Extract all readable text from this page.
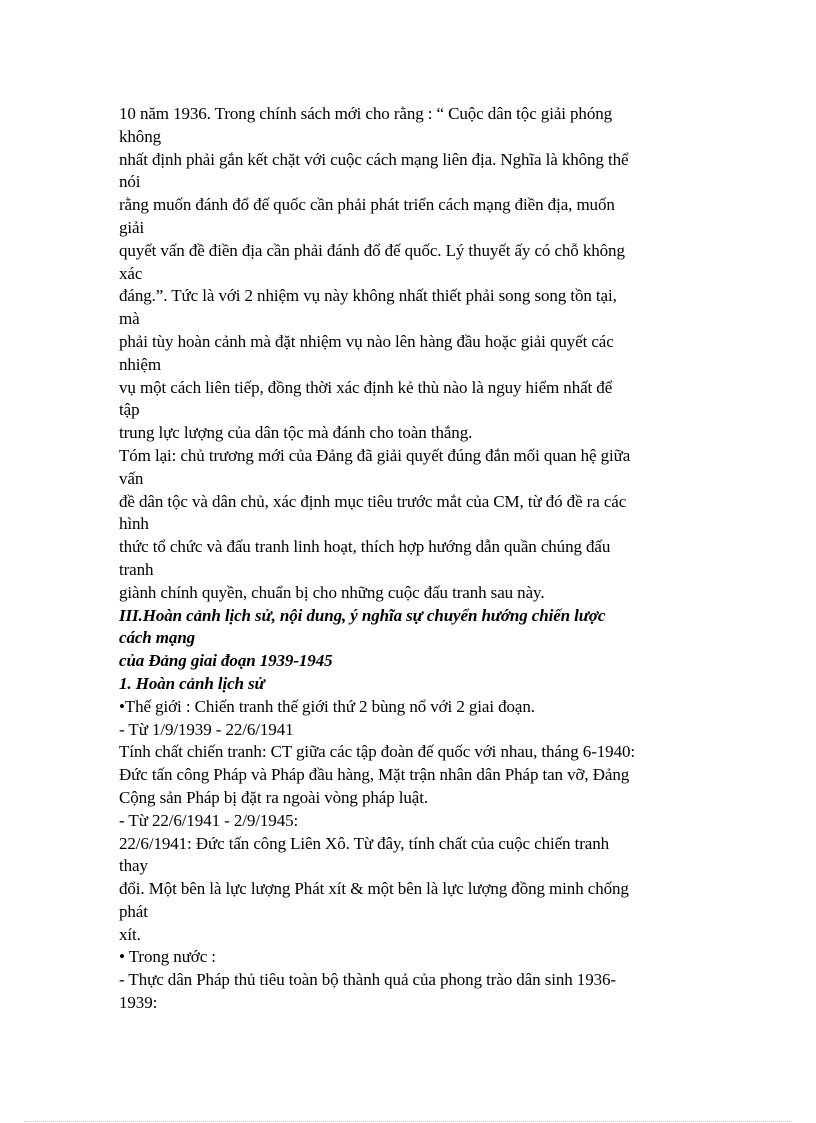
10 năm 1936. Trong chính sách mới cho rằng : “ Cuộc dân tộc giải phóng
không
nhất định phải gắn kết chặt với cuộc cách mạng liên địa. Nghĩa là không thể
nói
rằng muốn đánh đổ đế quốc cần phải phát triển cách mạng điền địa, muốn
giải
quyết vấn đề điền địa cần phải đánh đổ đế quốc. Lý thuyết ấy có chỗ không
xác
đáng.”. Tức là với 2 nhiệm vụ này không nhất thiết phải song song tồn tại,
mà
phải tùy hoàn cảnh mà đặt nhiệm vụ nào lên hàng đầu hoặc giải quyết các
nhiệm
vụ một cách liên tiếp, đồng thời xác định kẻ thù nào là nguy hiểm nhất để
tập
trung lực lượng của dân tộc mà đánh cho toàn thắng.
Tóm lại: chủ trương mới của Đảng đã giải quyết đúng đắn mối quan hệ giữa
vấn
đề dân tộc và dân chủ, xác định mục tiêu trước mắt của CM, từ đó đề ra các
hình
thức tổ chức và đấu tranh linh hoạt, thích hợp hướng dẫn quần chúng đấu
tranh
giành chính quyền, chuẩn bị cho những cuộc đấu tranh sau này.
III.Hoàn cảnh lịch sử, nội dung, ý nghĩa sự chuyển hướng chiến lược
cách mạng
của Đảng giai đoạn 1939-1945
1. Hoàn cảnh lịch sử
•Thế giới : Chiến tranh thế giới thứ 2 bùng nổ với 2 giai đoạn.
- Từ 1/9/1939 - 22/6/1941
Tính chất chiến tranh: CT giữa các tập đoàn đế quốc với nhau, tháng 6-1940:
Đức tấn công Pháp và Pháp đầu hàng, Mặt trận nhân dân Pháp tan vỡ, Đảng
Cộng sản Pháp bị đặt ra ngoài vòng pháp luật.
- Từ 22/6/1941 - 2/9/1945:
22/6/1941: Đức tấn công Liên Xô. Từ đây, tính chất của cuộc chiến tranh
thay
đổi. Một bên là lực lượng Phát xít & một bên là lực lượng đồng minh chống
phát
xít.
• Trong nước :
- Thực dân Pháp thủ tiêu toàn bộ thành quả của phong trào dân sinh 1936-
1939:
